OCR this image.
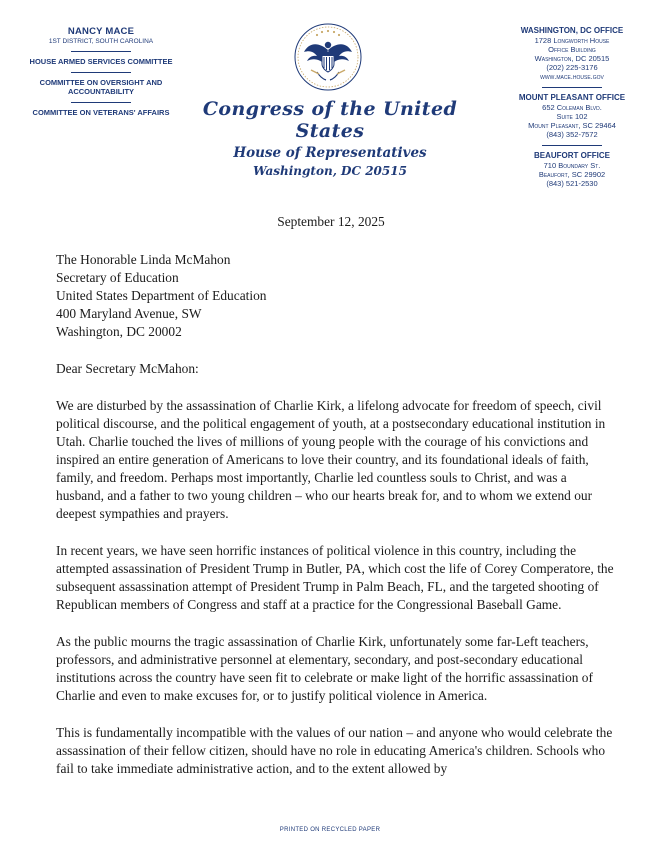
NANCY MACE
1ST DISTRICT, SOUTH CAROLINA
HOUSE ARMED SERVICES COMMITTEE
COMMITTEE ON OVERSIGHT AND ACCOUNTABILITY
COMMITTEE ON VETERANS' AFFAIRS	Congress of the United States
House of Representatives
Washington, DC 20515
WASHINGTON, DC OFFICE
1728 Longworth House
Office Building
Washington, DC 20515
(202) 225-3176
www.mace.house.gov
MOUNT PLEASANT OFFICE
652 Coleman Blvd.
Suite 102
Mount Pleasant, SC 29464
(843) 352-7572
BEAUFORT OFFICE
710 Boundary St.
Beaufort, SC 29902
(843) 521-2530
September 12, 2025
The Honorable Linda McMahon
Secretary of Education
United States Department of Education
400 Maryland Avenue, SW
Washington, DC 20002
Dear Secretary McMahon:

We are disturbed by the assassination of Charlie Kirk, a lifelong advocate for freedom of speech, civil political discourse, and the political engagement of youth, at a postsecondary educational institution in Utah. Charlie touched the lives of millions of young people with the courage of his convictions and inspired an entire generation of Americans to love their country, and its foundational ideals of faith, family, and freedom. Perhaps most importantly, Charlie led countless souls to Christ, and was a husband, and a father to two young children – who our hearts break for, and to whom we extend our deepest sympathies and prayers.

In recent years, we have seen horrific instances of political violence in this country, including the attempted assassination of President Trump in Butler, PA, which cost the life of Corey Comperatore, the subsequent assassination attempt of President Trump in Palm Beach, FL, and the targeted shooting of Republican members of Congress and staff at a practice for the Congressional Baseball Game.

As the public mourns the tragic assassination of Charlie Kirk, unfortunately some far-Left teachers, professors, and administrative personnel at elementary, secondary, and post-secondary educational institutions across the country have seen fit to celebrate or make light of the horrific assassination of Charlie and even to make excuses for, or to justify political violence in America.

This is fundamentally incompatible with the values of our nation – and anyone who would celebrate the assassination of their fellow citizen, should have no role in educating America's children. Schools who fail to take immediate administrative action, and to the extent allowed by

PRINTED ON RECYCLED PAPER
